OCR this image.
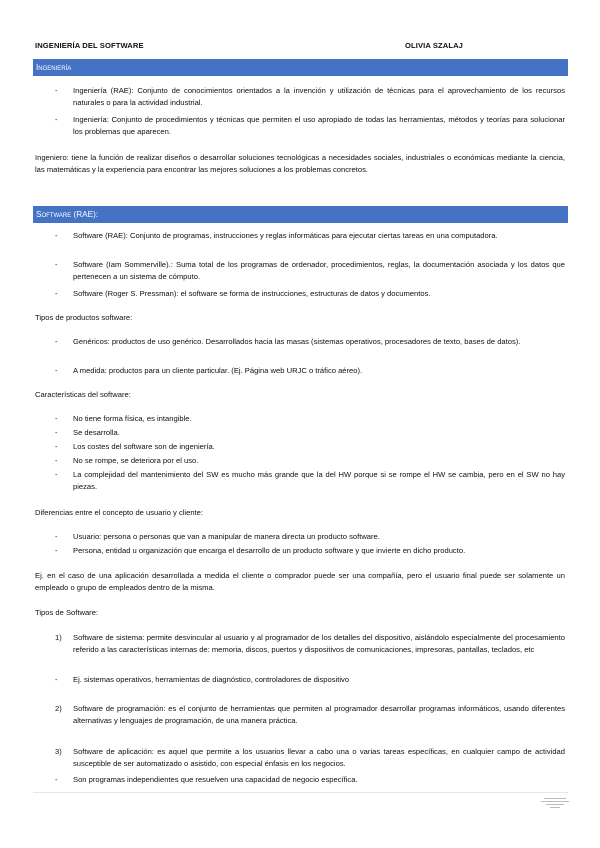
INGENIERÍA DEL SOFTWARE	OLIVIA SZALAJ
Ingeniería
-	Ingeniería (RAE): Conjunto de conocimientos orientados a la invención y utilización de técnicas para el aprovechamiento de los recursos naturales o para la actividad industrial.
-	Ingeniería: Conjunto de procedimientos y técnicas que permiten el uso apropiado de todas las herramientas, métodos y teorías para solucionar los problemas que aparecen.
Ingeniero: tiene la función de realizar diseños o desarrollar soluciones tecnológicas a necesidades sociales, industriales o económicas mediante la ciencia, las matemáticas y la experiencia para encontrar las mejores soluciones a los problemas concretos.
Software (RAE):
-	Software (RAE): Conjunto de programas, instrucciones y reglas informáticas para ejecutar ciertas tareas en una computadora.
-	Software (Iam Sommerville).: Suma total de los programas de ordenador, procedimientos, reglas, la documentación asociada y los datos que pertenecen a un sistema de cómputo.
-	Software (Roger S. Pressman): el software se forma de instrucciones, estructuras de datos y documentos.
Tipos de productos software:
-	Genéricos: productos de uso genérico. Desarrollados hacia las masas (sistemas operativos, procesadores de texto, bases de datos).
-	A medida: productos para un cliente particular. (Ej. Página web URJC o tráfico aéreo).
Características del software:
-	No tiene forma física, es intangible.
-	Se desarrolla.
-	Los costes del software son de ingeniería.
-	No se rompe, se deteriora por el uso.
-	La complejidad del mantenimiento del SW es mucho más grande que la del HW porque si se rompe el HW se cambia, pero en el SW no hay piezas.
Diferencias entre el concepto de usuario y cliente:
-	Usuario: persona o personas que van a manipular de manera directa un producto software.
-	Persona, entidad u organización que encarga el desarrollo de un producto software y que invierte en dicho producto.
Ej. en el caso de una aplicación desarrollada a medida el cliente o comprador puede ser una compañía, pero el usuario final puede ser solamente un empleado o grupo de empleados dentro de la misma.
Tipos de Software:
1)	Software de sistema: permite desvincular al usuario y al programador de los detalles del dispositivo, aislándolo especialmente del procesamiento referido a las características internas de: memoria, discos, puertos y dispositivos de comunicaciones, impresoras, pantallas, teclados, etc
-	Ej. sistemas operativos, herramientas de diagnóstico, controladores de dispositivo
2)	Software de programación: es el conjunto de herramientas que permiten al programador desarrollar programas informáticos, usando diferentes alternativas y lenguajes de programación, de una manera práctica.
3)	Software de aplicación: es aquel que permite a los usuarios llevar a cabo una o varias tareas específicas, en cualquier campo de actividad susceptible de ser automatizado o asistido, con especial énfasis en los negocios.
-	Son programas independientes que resuelven una capacidad de negocio específica.
